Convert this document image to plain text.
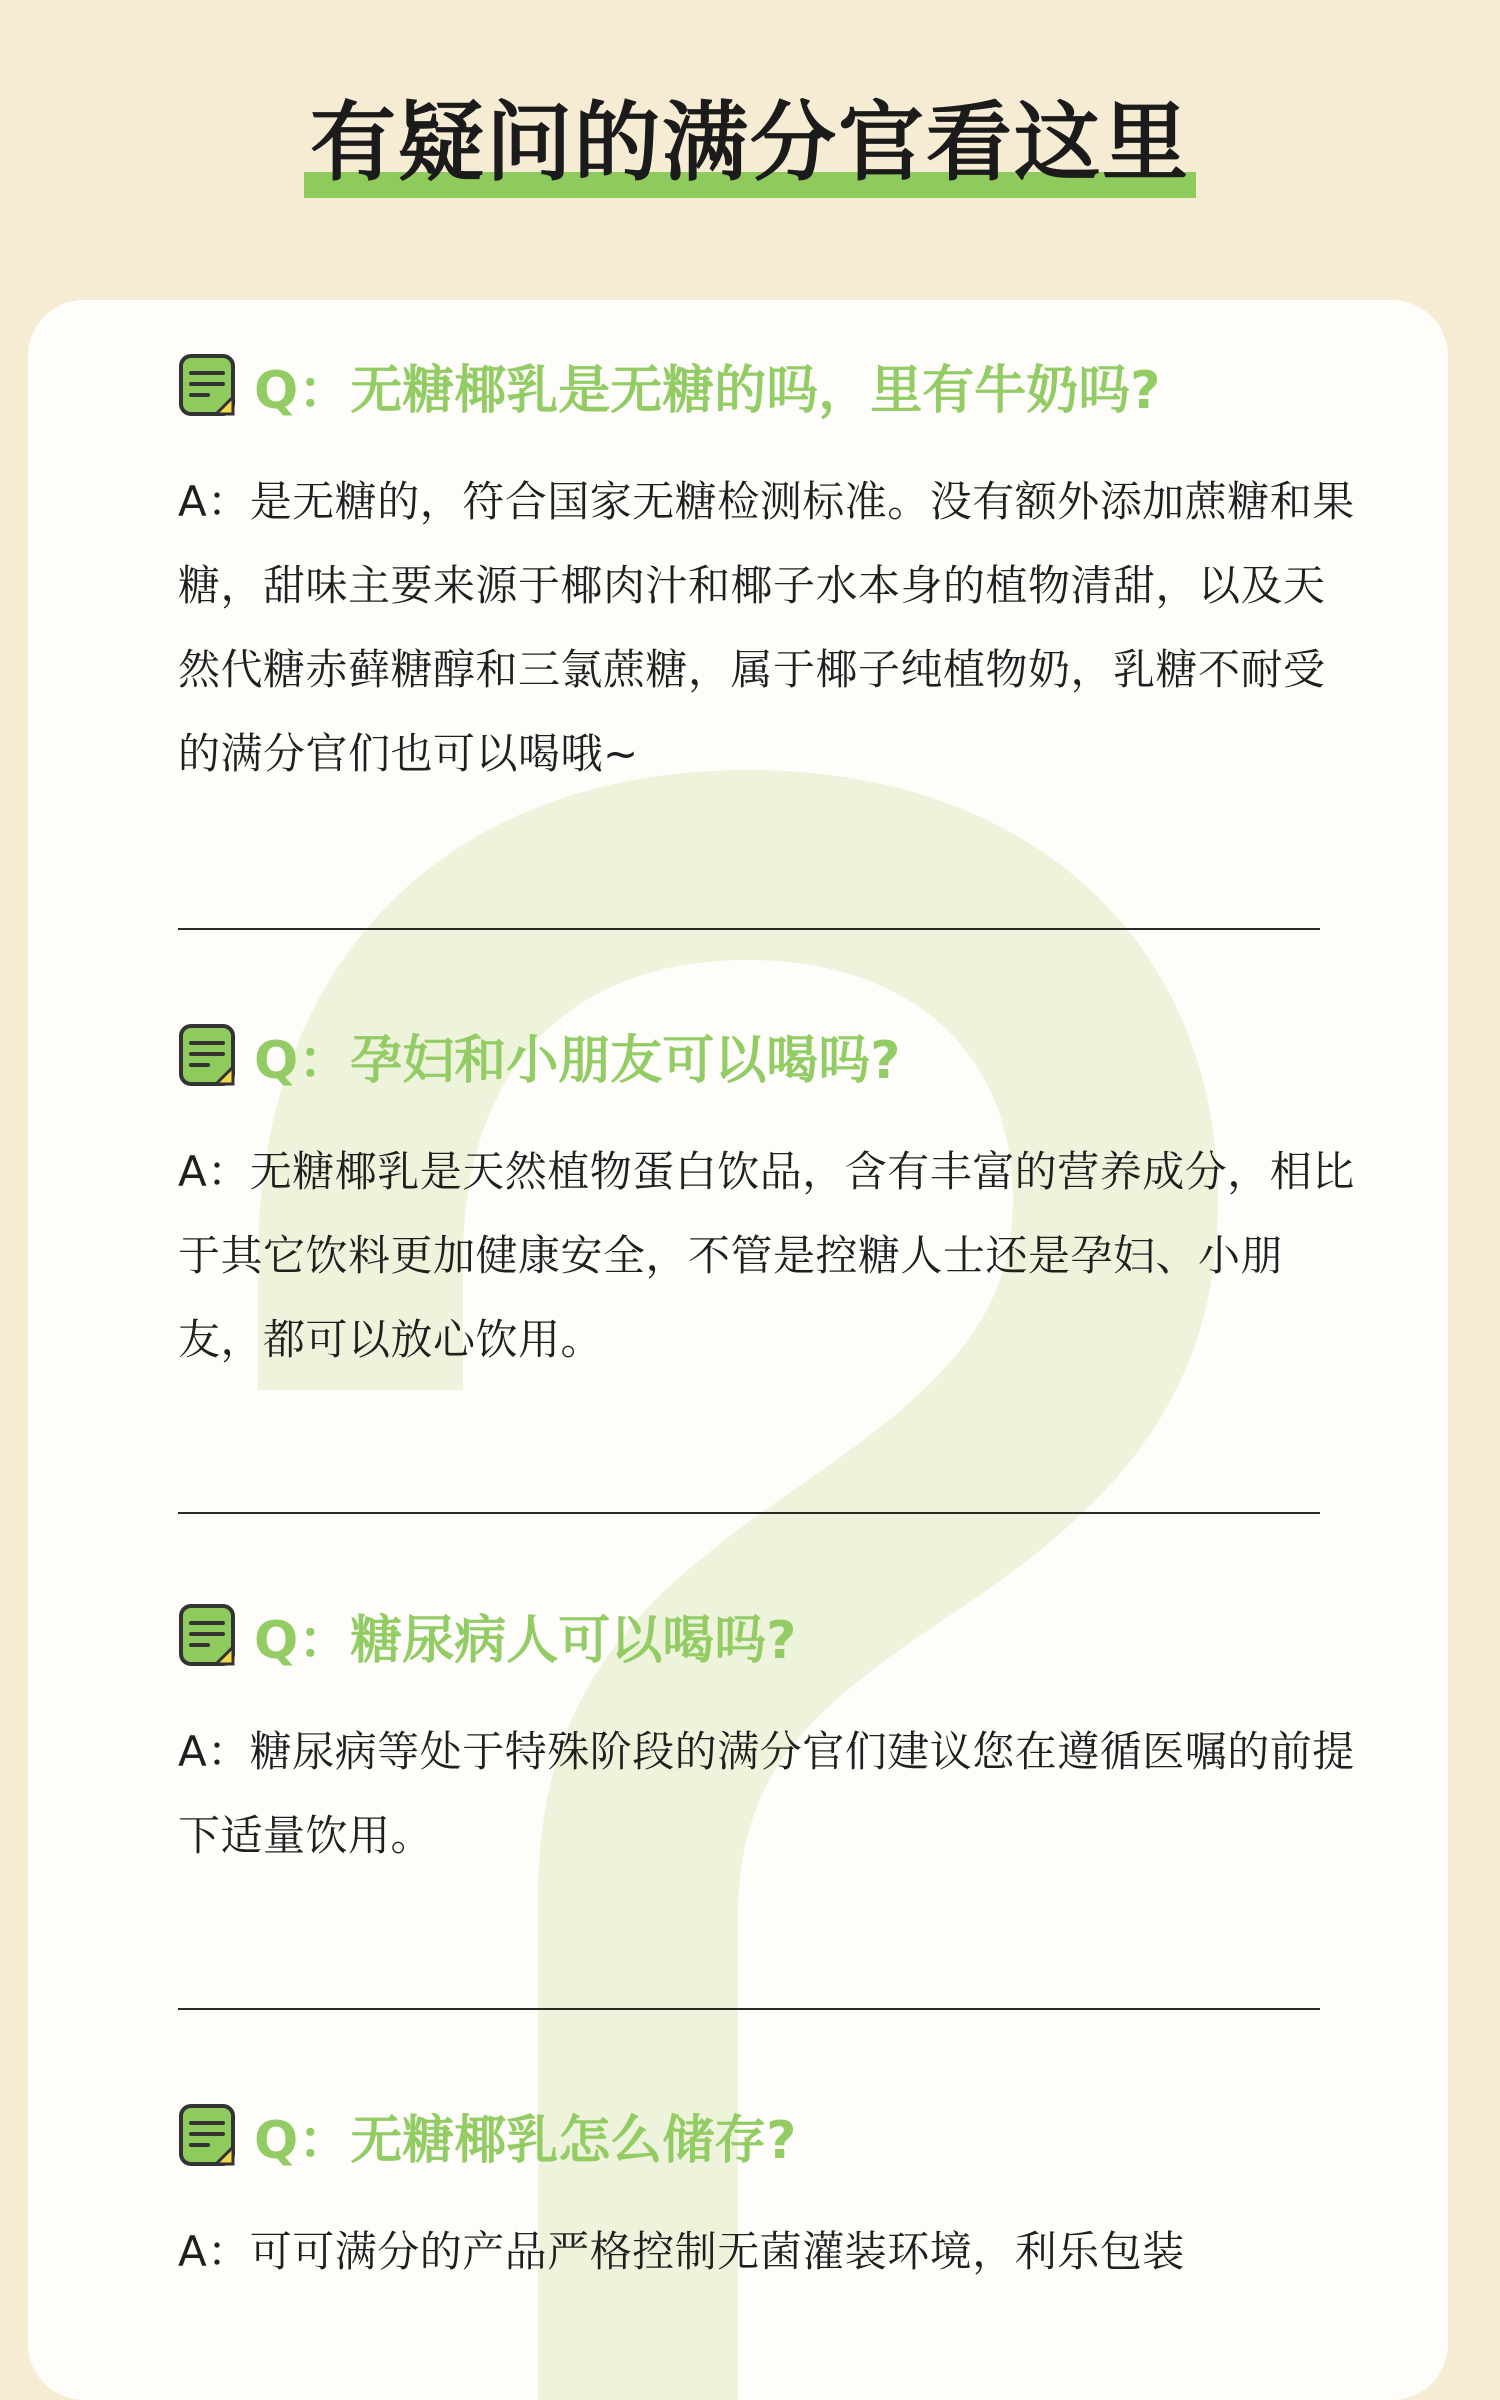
有疑问的满分官看这里
Q：无糖椰乳是无糖的吗，里有牛奶吗?
A：是无糖的，符合国家无糖检测标准。没有额外添加蔗糖和果糖，甜味主要来源于椰肉汁和椰子水本身的植物清甜，以及天然代糖赤藓糖醇和三氯蔗糖，属于椰子纯植物奶，乳糖不耐受的满分官们也可以喝哦~
Q：孕妇和小朋友可以喝吗?
A：无糖椰乳是天然植物蛋白饮品，含有丰富的营养成分，相比于其它饮料更加健康安全，不管是控糖人士还是孕妇、小朋友，都可以放心饮用。
Q：糖尿病人可以喝吗?
A：糖尿病等处于特殊阶段的满分官们建议您在遵循医嘱的前提下适量饮用。
Q：无糖椰乳怎么储存?
A：可可满分的产品严格控制无菌灌装环境，利乐包装
